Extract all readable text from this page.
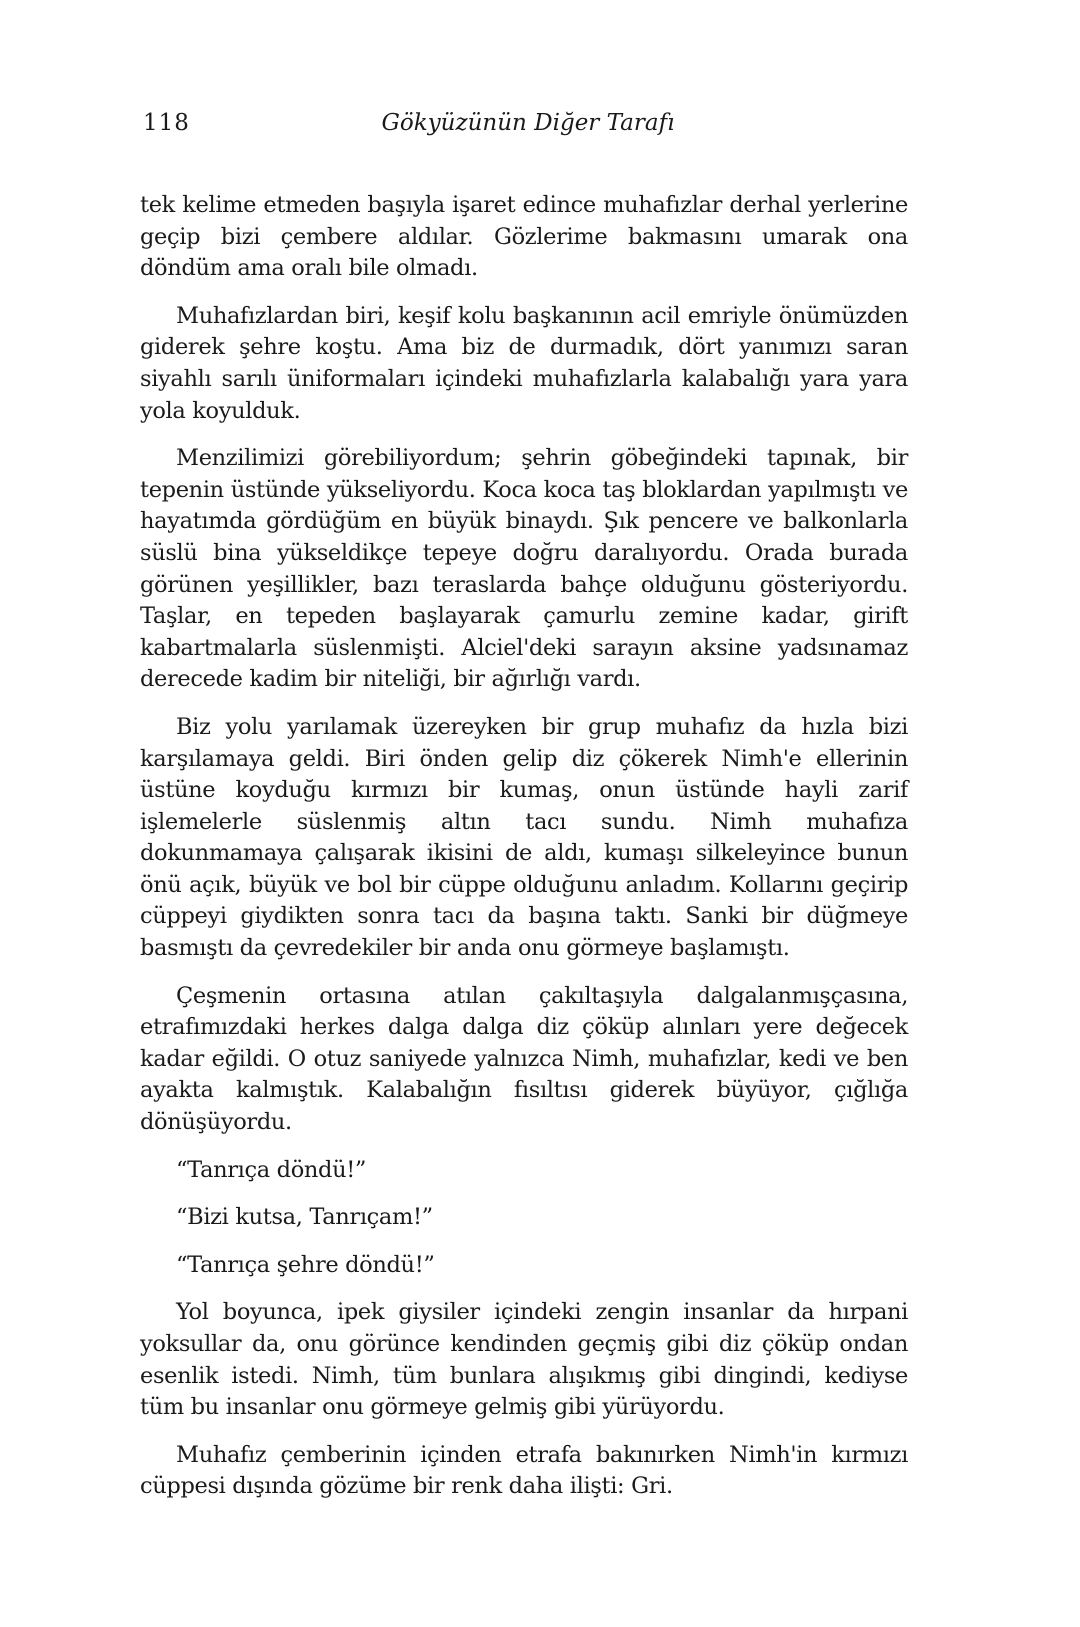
118	Gökyüzünün Diğer Tarafı

tek kelime etmeden başıyla işaret edince muhafızlar derhal yerlerine geçip bizi çembere aldılar. Gözlerime bakmasını umarak ona döndüm ama oralı bile olmadı.

Muhafızlardan biri, keşif kolu başkanının acil emriyle önümüzden giderek şehre koştu. Ama biz de durmadık, dört yanımızı saran siyahlı sarılı üniformaları içindeki muhafızlarla kalabalığı yara yara yola koyulduk.

Menzilimizi görebiliyordum; şehrin göbeğindeki tapınak, bir tepenin üstünde yükseliyordu. Koca koca taş bloklardan yapılmıştı ve hayatımda gördüğüm en büyük binaydı. Şık pencere ve balkonlarla süslü bina yükseldikçe tepeye doğru daralıyordu. Orada burada görünen yeşillikler, bazı teraslarda bahçe olduğunu gösteriyordu. Taşlar, en tepeden başlayarak çamurlu zemine kadar, girift kabartmalarla süslenmişti. Alciel'deki sarayın aksine yadsınamaz derecede kadim bir niteliği, bir ağırlığı vardı.

Biz yolu yarılamak üzereyken bir grup muhafız da hızla bizi karşılamaya geldi. Biri önden gelip diz çökerek Nimh'e ellerinin üstüne koyduğu kırmızı bir kumaş, onun üstünde hayli zarif işlemelerle süslenmiş altın tacı sundu. Nimh muhafıza dokunmamaya çalışarak ikisini de aldı, kumaşı silkeleyince bunun önü açık, büyük ve bol bir cüppe olduğunu anladım. Kollarını geçirip cüppeyi giydikten sonra tacı da başına taktı. Sanki bir düğmeye basmıştı da çevredekiler bir anda onu görmeye başlamıştı.

Çeşmenin ortasına atılan çakıltaşıyla dalgalanmışçasına, etrafımızdaki herkes dalga dalga diz çöküp alınları yere değecek kadar eğildi. O otuz saniyede yalnızca Nimh, muhafızlar, kedi ve ben ayakta kalmıştık. Kalabalığın fısıltısı giderek büyüyor, çığlığa dönüşüyordu.

“Tanrıça döndü!”

“Bizi kutsa, Tanrıçam!”

“Tanrıça şehre döndü!”

Yol boyunca, ipek giysiler içindeki zengin insanlar da hırpani yoksullar da, onu görünce kendinden geçmiş gibi diz çöküp ondan esenlik istedi. Nimh, tüm bunlara alışıkmış gibi dingindi, kediyse tüm bu insanlar onu görmeye gelmiş gibi yürüyordu.

Muhafız çemberinin içinden etrafa bakınırken Nimh'in kırmızı cüppesi dışında gözüme bir renk daha ilişti: Gri.
